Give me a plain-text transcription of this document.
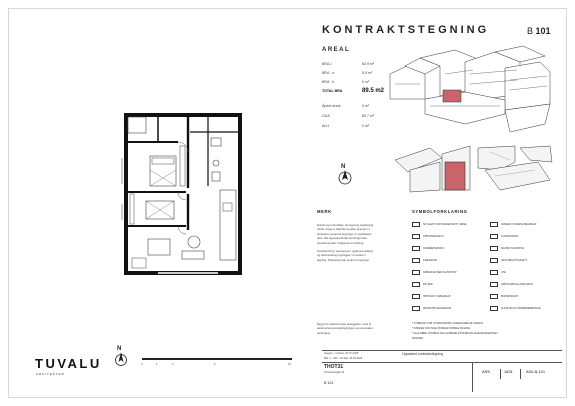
KONTRAKTSTEGNING	B 101
AREAL
BRA-i	83.9 m²
BRA - e	5.5 m²
BRA - b	0 m²
TOTAL BRA	89.5 m2
Åpent areal	0 m²
GUA	80.7 m²
ALH	0 m²
N
MERK
Rundt noen hendelig i ret tegnung opplisninig
Vedtu nuteg er tidsbrite trereller gesmel mr
fordeuten og kjernd tegninger er oppdelteter
dele. Det tegneterefertatt. Endringer kan
fomekommetler i begtseeret rerbining
Fordelinerhog, uteengreser, gydenermenlkop
og stenfordeling oppragger ut modertt v
tagning. Plassering kan endes fra tegning.
Bygg Kre elektronomke anleggetter, ovek til
elektronrsde kontrakttegninger og utmenaken
toperingne.
SYMBOLFORKLARING
SKYLLEKT FOR VASKEDUSCH / DENE
OPPVASKMASKIN
OVERDETMASKIN
KJØLESKAP
KØPESKAP MED PLATETOPP
FRYSER
HØYSKAP / KJØLESKAP
SPORSTØYVEGGESKAP
VASKER / KOKEPLATEGESKAP
LUKSESTAPIKT
SKAPET KANKRTKIL
VEGGHENGTKLOSETT
UTE
OPPLOSNINGLLANDLRANN
BOKSMODANT
FLATE-SKAP UTEMÅRBEBEWSKJE
* SYMBOLET FOR UTVARLOMNING VARASKLIBEVGE GJENOG
* VINDUER KAN INGE IJSTEKER FORMEL DUGRNG
* ALLE DØRE 1ST ØRSA SALCLKRÉVER RTÅSSELSIKLALEGSCLEKEPINGN
RNAANET
TUVALU
ARKITEKTER
N
0	1	2	5	10
Avegen: c 2 Dato: 30.07.2025
Mal: 1 : 100 - A3 Sist: 25.03.2025
Oppdatert kontraktstegning
THOT31
Thorstensgate 31
B 101
ARK	1831	A50-B-101
